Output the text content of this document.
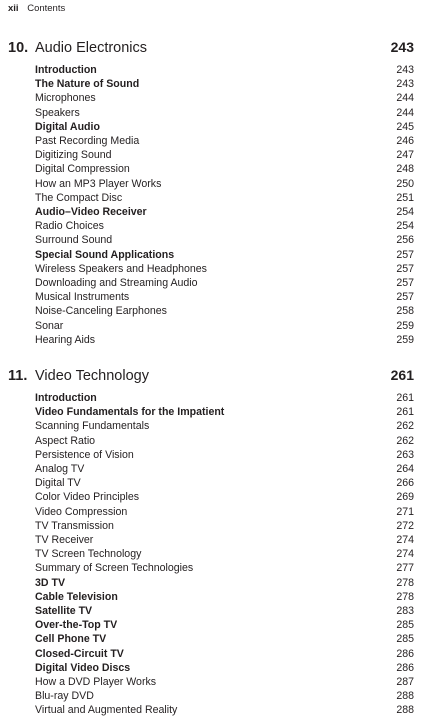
xii Contents
10. Audio Electronics	243
Introduction	243
The Nature of Sound	243
Microphones	244
Speakers	244
Digital Audio	245
Past Recording Media	246
Digitizing Sound	247
Digital Compression	248
How an MP3 Player Works	250
The Compact Disc	251
Audio–Video Receiver	254
Radio Choices	254
Surround Sound	256
Special Sound Applications	257
Wireless Speakers and Headphones	257
Downloading and Streaming Audio	257
Musical Instruments	257
Noise-Canceling Earphones	258
Sonar	259
Hearing Aids	259
11. Video Technology	261
Introduction	261
Video Fundamentals for the Impatient	261
Scanning Fundamentals	262
Aspect Ratio	262
Persistence of Vision	263
Analog TV	264
Digital TV	266
Color Video Principles	269
Video Compression	271
TV Transmission	272
TV Receiver	274
TV Screen Technology	274
Summary of Screen Technologies	277
3D TV	278
Cable Television	278
Satellite TV	283
Over-the-Top TV	285
Cell Phone TV	285
Closed-Circuit TV	286
Digital Video Discs	286
How a DVD Player Works	287
Blu-ray DVD	288
Virtual and Augmented Reality	288
